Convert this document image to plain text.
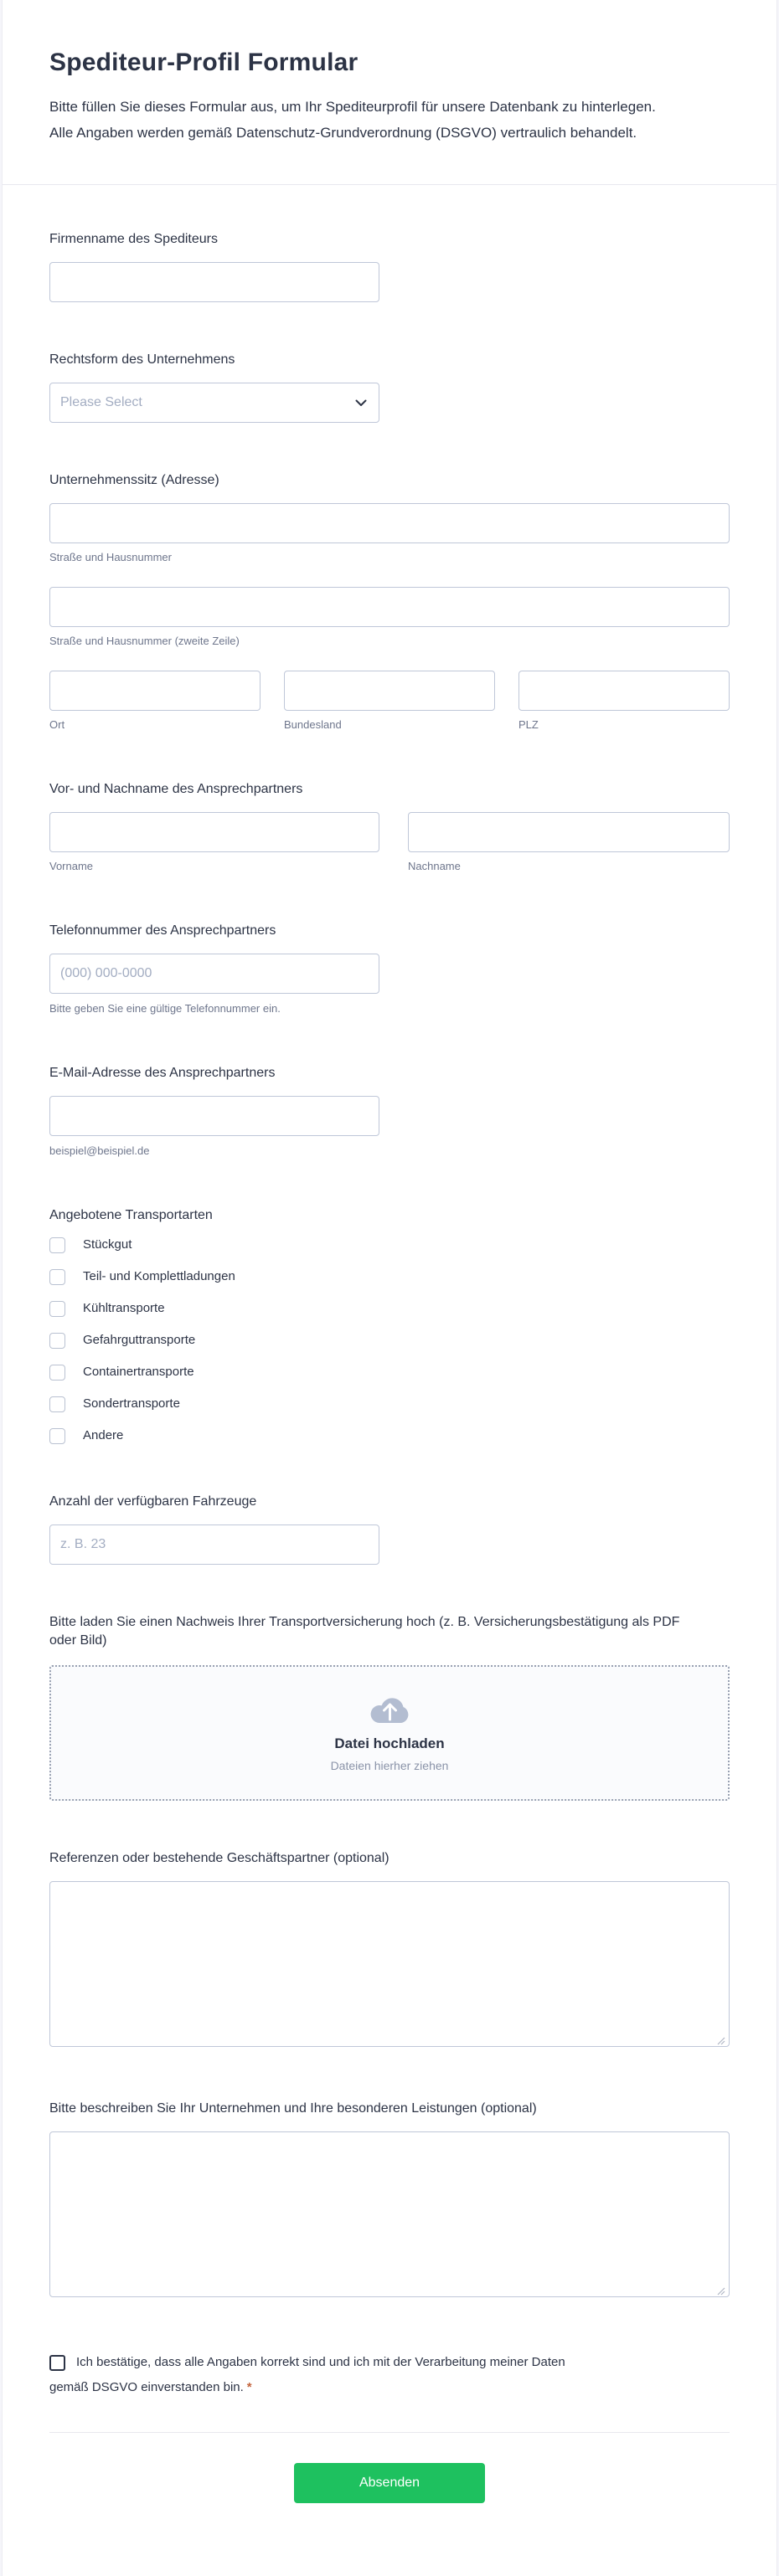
Spediteur-Profil Formular

Bitte füllen Sie dieses Formular aus, um Ihr Spediteurprofil für unsere Datenbank zu hinterlegen. Alle Angaben werden gemäß Datenschutz-Grundverordnung (DSGVO) vertraulich behandelt.

Firmenname des Spediteurs
Rechtsform des Unternehmens
Please Select
Unternehmenssitz (Adresse)
Straße und Hausnummer
Straße und Hausnummer (zweite Zeile)
Ort	Bundesland	PLZ
Vor- und Nachname des Ansprechpartners
Vorname	Nachname
Telefonnummer des Ansprechpartners
(000) 000-0000
Bitte geben Sie eine gültige Telefonnummer ein.
E-Mail-Adresse des Ansprechpartners
beispiel@beispiel.de
Angebotene Transportarten
Stückgut
Teil- und Komplettladungen
Kühltransporte
Gefahrguttransporte
Containertransporte
Sondertransporte
Andere
Anzahl der verfügbaren Fahrzeuge
z. B. 23
Bitte laden Sie einen Nachweis Ihrer Transportversicherung hoch (z. B. Versicherungsbestätigung als PDF oder Bild)
Datei hochladen
Dateien hierher ziehen
Referenzen oder bestehende Geschäftspartner (optional)
Bitte beschreiben Sie Ihr Unternehmen und Ihre besonderen Leistungen (optional)
Ich bestätige, dass alle Angaben korrekt sind und ich mit der Verarbeitung meiner Daten gemäß DSGVO einverstanden bin. *
Absenden
